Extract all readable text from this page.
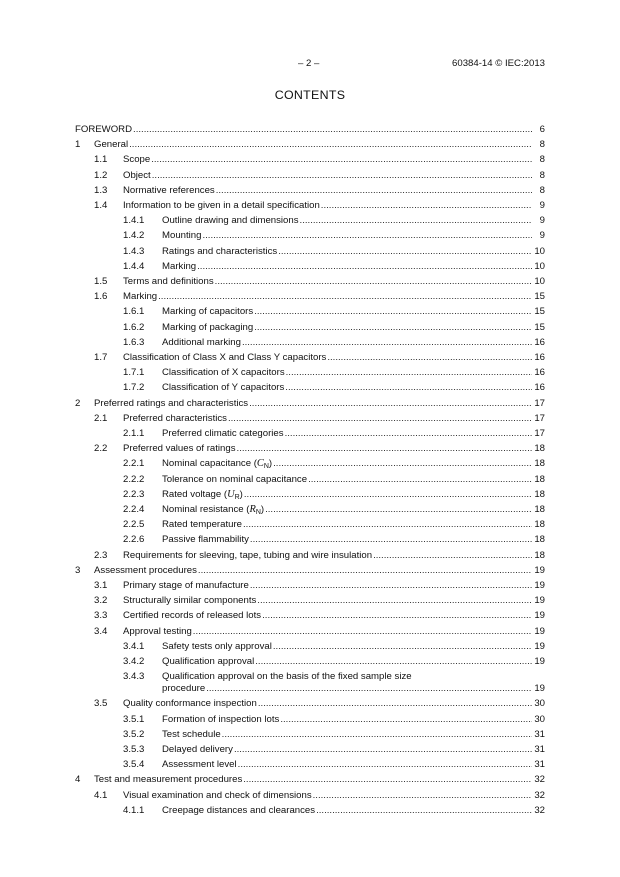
– 2 –	60384-14 © IEC:2013
CONTENTS
FOREWORD .....	6
1 General .....	8
1.1 Scope .....	8
1.2 Object .....	8
1.3 Normative references .....	8
1.4 Information to be given in a detail specification .....	9
1.4.1 Outline drawing and dimensions .....	9
1.4.2 Mounting .....	9
1.4.3 Ratings and characteristics .....	10
1.4.4 Marking .....	10
1.5 Terms and definitions .....	10
1.6 Marking .....	15
1.6.1 Marking of capacitors .....	15
1.6.2 Marking of packaging .....	15
1.6.3 Additional marking .....	16
1.7 Classification of Class X and Class Y capacitors .....	16
1.7.1 Classification of X capacitors .....	16
1.7.2 Classification of Y capacitors .....	16
2 Preferred ratings and characteristics .....	17
2.1 Preferred characteristics .....	17
2.1.1 Preferred climatic categories .....	17
2.2 Preferred values of ratings .....	18
2.2.1 Nominal capacitance $(C_N)$ .....	18
2.2.2 Tolerance on nominal capacitance .....	18
2.2.3 Rated voltage $(U_R)$ .....	18
2.2.4 Nominal resistance $(R_N)$ .....	18
2.2.5 Rated temperature .....	18
2.2.6 Passive flammability .....	18
2.3 Requirements for sleeving, tape, tubing and wire insulation .....	18
3 Assessment procedures .....	19
3.1 Primary stage of manufacture .....	19
3.2 Structurally similar components .....	19
3.3 Certified records of released lots .....	19
3.4 Approval testing .....	19
3.4.1 Safety tests only approval .....	19
3.4.2 Qualification approval .....	19
3.4.3 Qualification approval on the basis of the fixed sample size
procedure .....	19
3.5 Quality conformance inspection .....	30
3.5.1 Formation of inspection lots .....	30
3.5.2 Test schedule .....	31
3.5.3 Delayed delivery .....	31
3.5.4 Assessment level .....	31
4 Test and measurement procedures .....	32
4.1 Visual examination and check of dimensions .....	32
4.1.1 Creepage distances and clearances .....	32
